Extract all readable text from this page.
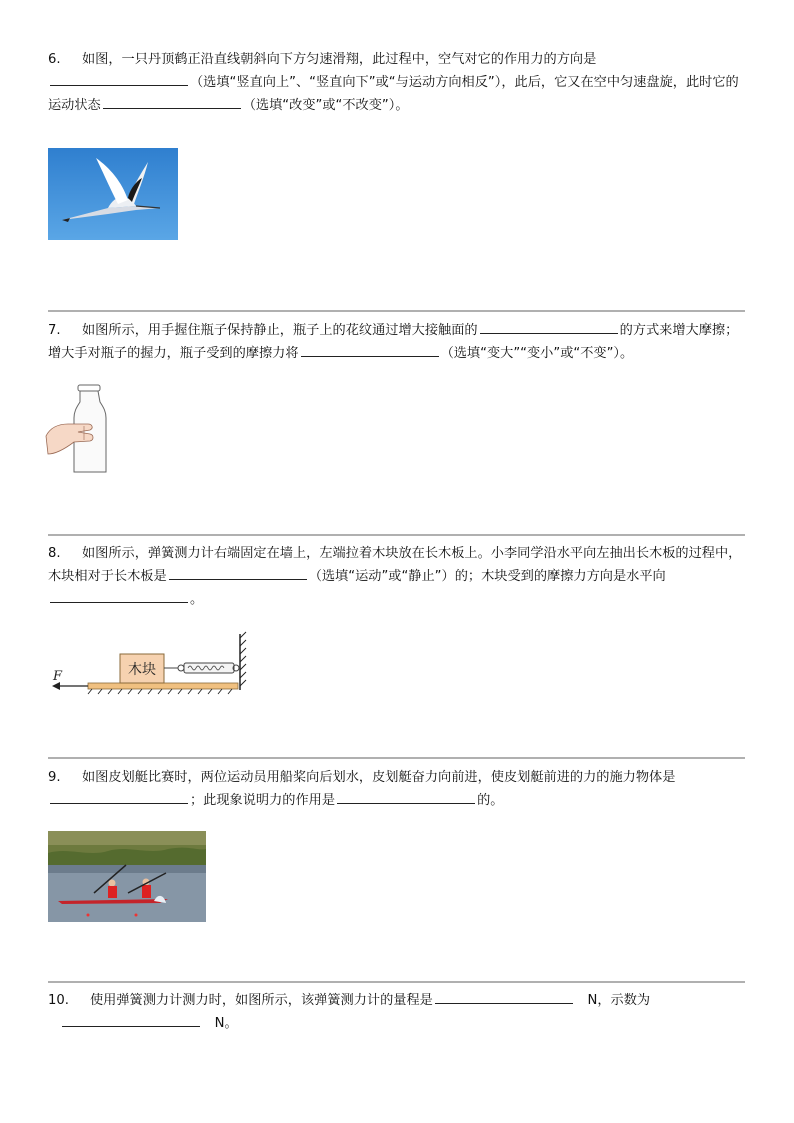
6. 如图，一只丹顶鹤正沿直线朝斜向下方匀速滑翔，此过程中，空气对它的作用力的方向是
（选填“竖直向上”、“竖直向下”或“与运动方向相反”），此后，它又在空中匀速盘旋，此时它的运动状态	（选填“改变”或“不改变”）。
7. 如图所示，用手握住瓶子保持静止，瓶子上的花纹通过增大接触面的	的方式来增大摩擦；增大手对瓶子的握力，瓶子受到的摩擦力将	（选填“变大”“变小”或“不变”）。
8. 如图所示，弹簧测力计右端固定在墙上，左端拉着木块放在长木板上。小李同学沿水平向左抽出长木板的过程中，木块相对于长木板是	（选填“运动”或“静止”）的；木块受到的摩擦力方向是水平向。
木块
F
9. 如图皮划艇比赛时，两位运动员用船桨向后划水，皮划艇奋力向前进，使皮划艇前进的力的施力物体是
；此现象说明力的作用是	的。
10. 使用弹簧测力计测力时，如图所示，该弹簧测力计的量程是	N，示数为
N。
